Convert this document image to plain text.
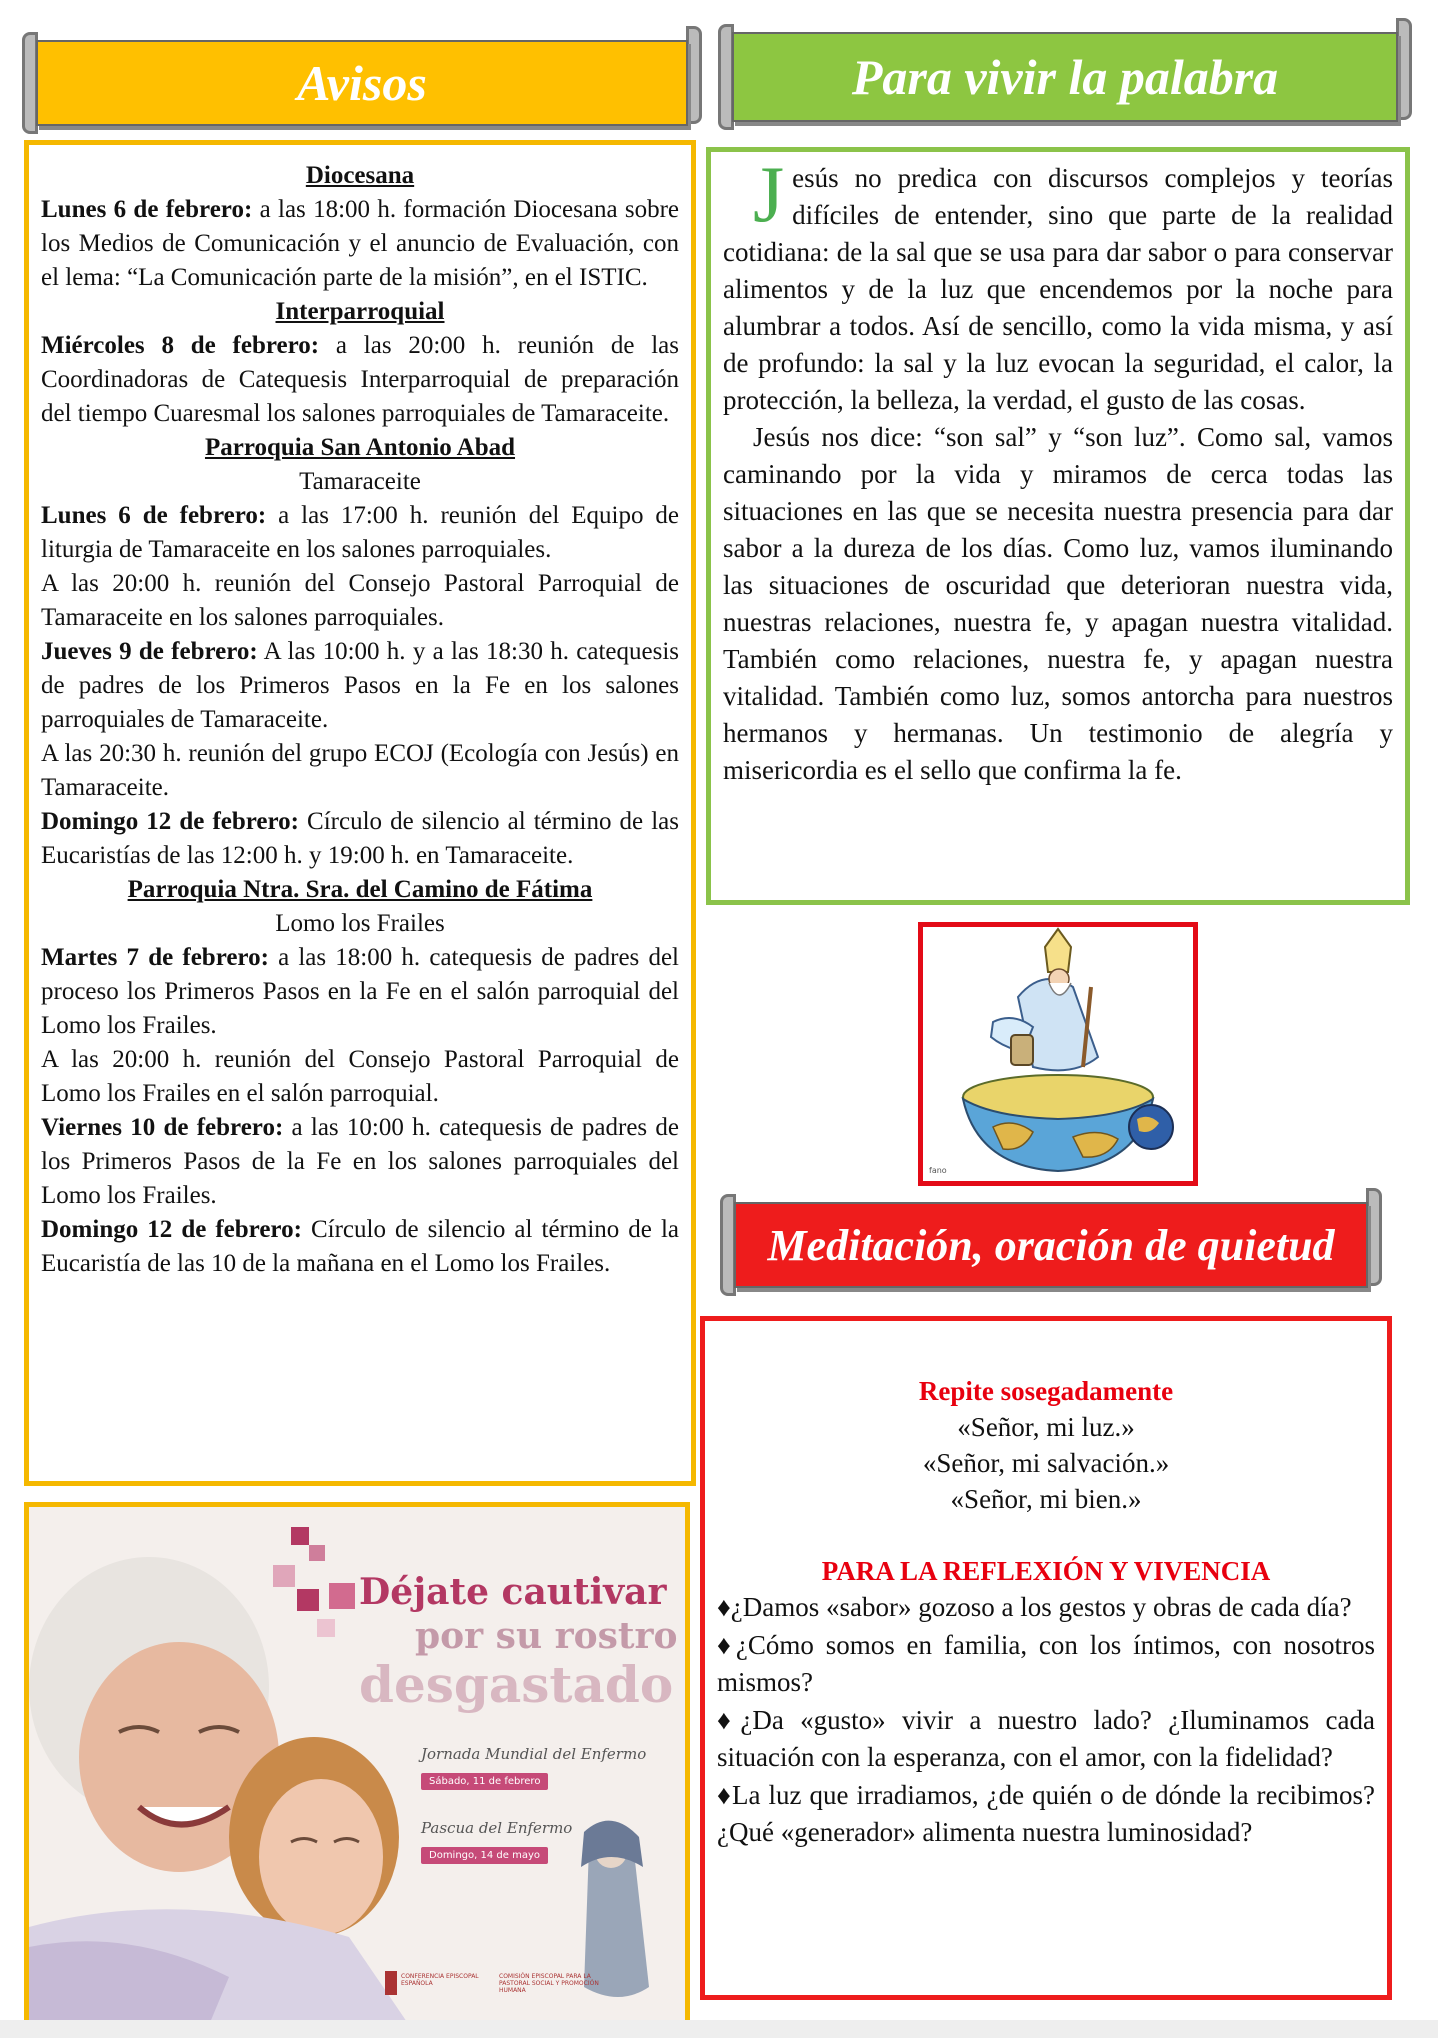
Avisos	Para vivir la palabra
Diocesana
Lunes 6 de febrero: a las 18:00 h. formación Diocesana sobre los Medios de Comunicación y el anuncio de Evaluación, con el lema: “La Comunicación parte de la misión”, en el ISTIC.
Interparroquial
Miércoles 8 de febrero: a las 20:00 h. reunión de las Coordinadoras de Catequesis Interparroquial de preparación del tiempo Cuaresmal los salones parroquiales de Tamaraceite.
Parroquia San Antonio Abad
Tamaraceite
Lunes 6 de febrero: a las 17:00 h. reunión del Equipo de liturgia de Tamaraceite en los salones parroquiales.
A las 20:00 h. reunión del Consejo Pastoral Parroquial de Tamaraceite en los salones parroquiales.
Jueves 9 de febrero: A las 10:00 h. y a las 18:30 h. catequesis de padres de los Primeros Pasos en la Fe en los salones parroquiales de Tamaraceite.
A las 20:30 h. reunión del grupo ECOJ (Ecología con Jesús) en Tamaraceite.
Domingo 12 de febrero: Círculo de silencio al término de las Eucaristías de las 12:00 h. y 19:00 h. en Tamaraceite.
Parroquia Ntra. Sra. del Camino de Fátima
Lomo los Frailes
Martes 7 de febrero: a las 18:00 h. catequesis de padres del proceso los Primeros Pasos en la Fe en el salón parroquial del Lomo los Frailes.
A las 20:00 h. reunión del Consejo Pastoral Parroquial de Lomo los Frailes en el salón parroquial.
Viernes 10 de febrero: a las 10:00 h. catequesis de padres de los Primeros Pasos de la Fe en los salones parroquiales del Lomo los Frailes.
Domingo 12 de febrero: Círculo de silencio al término de la Eucaristía de las 10 de la mañana en el Lomo los Frailes.
Jesús no predica con discursos complejos y teorías difíciles de entender, sino que parte de la realidad cotidiana: de la sal que se usa para dar sabor o para conservar alimentos y de la luz que encendemos por la noche para alumbrar a todos. Así de sencillo, como la vida misma, y así de profundo: la sal y la luz evocan la seguridad, el calor, la protección, la belleza, la verdad, el gusto de las cosas.
Jesús nos dice: “son sal” y “son luz”. Como sal, vamos caminando por la vida y miramos de cerca todas las situaciones en las que se necesita nuestra presencia para dar sabor a la dureza de los días. Como luz, vamos iluminando las situaciones de oscuridad que deterioran nuestra vida, nuestras relaciones, nuestra fe, y apagan nuestra vitalidad. También como relaciones, nuestra fe, y apagan nuestra vitalidad. También como luz, somos antorcha para nuestros hermanos y hermanas. Un testimonio de alegría y misericordia es el sello que confirma la fe.
fano
Meditación, oración de quietud
Repite sosegadamente
«Señor, mi luz.»
«Señor, mi salvación.»
«Señor, mi bien.»
PARA LA REFLEXIÓN Y VIVENCIA
♦¿Damos «sabor» gozoso a los gestos y obras de cada día?
♦¿Cómo somos en familia, con los íntimos, con nosotros mismos?
♦¿Da «gusto» vivir a nuestro lado? ¿Iluminamos cada situación con la esperanza, con el amor, con la fidelidad?
♦La luz que irradiamos, ¿de quién o de dónde la recibimos? ¿Qué «generador» alimenta nuestra luminosidad?
Déjate cautivar
por su rostro
desgastado
Jornada Mundial del Enfermo
Sábado, 11 de febrero
Pascua del Enfermo
Domingo, 14 de mayo
CONFERENCIA EPISCOPAL ESPAÑOLA
COMISIÓN EPISCOPAL PARA LA PASTORAL SOCIAL Y PROMOCIÓN HUMANA
